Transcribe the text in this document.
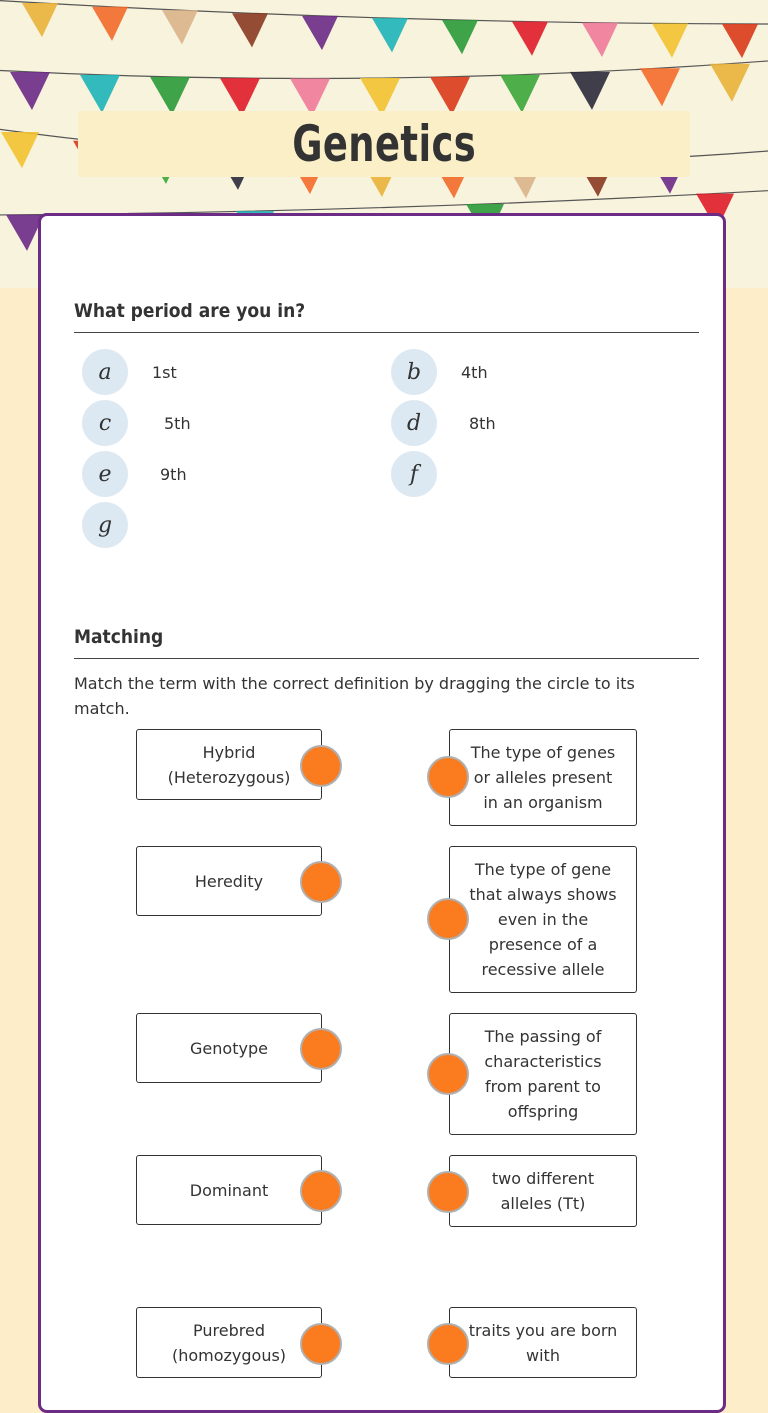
Genetics
What period are you in?
a	1st	b	4th
c	5th	d	8th
e	9th	f
g
Matching
Match the term with the correct definition by dragging the circle to its match.
Hybrid (Heterozygous)
Heredity
Genotype
Dominant
Purebred (homozygous)
The type of genes or alleles present in an organism
The type of gene that always shows even in the presence of a recessive allele
The passing of characteristics from parent to offspring
two different alleles (Tt)
traits you are born with
